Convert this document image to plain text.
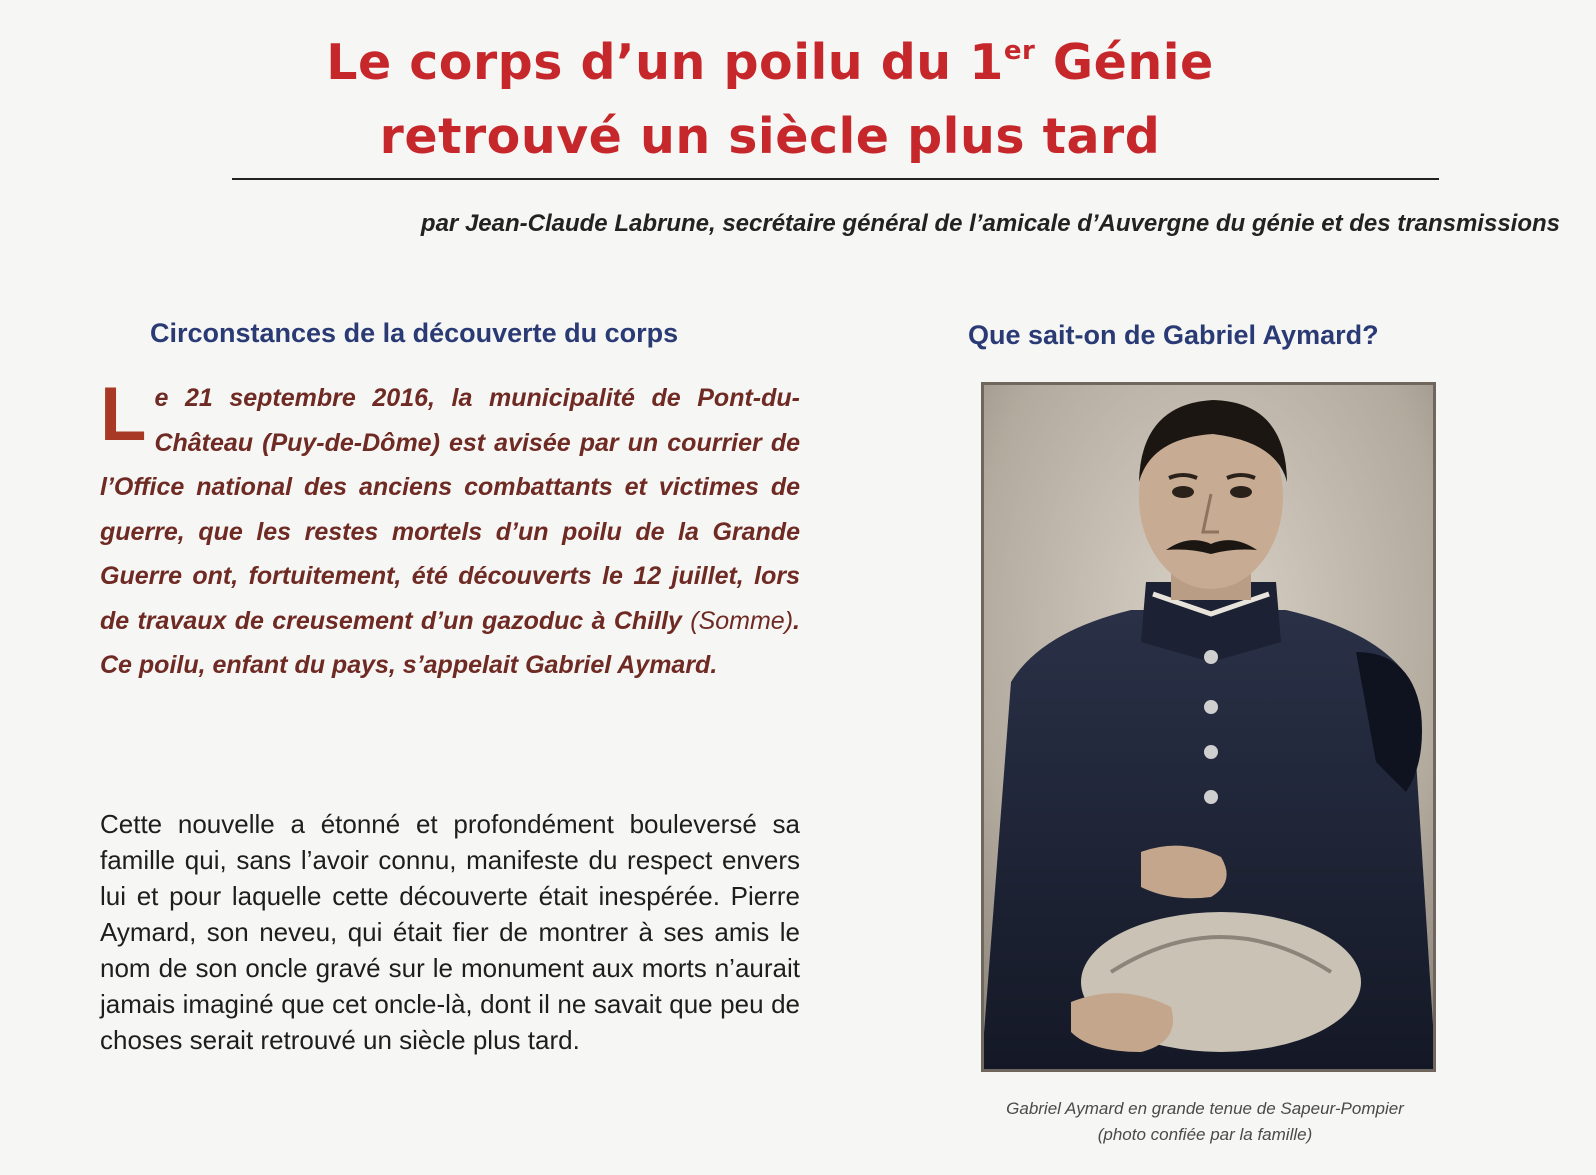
Le corps d’un poilu du 1er Génie
retrouvé un siècle plus tard

par Jean-Claude Labrune, secrétaire général de l’amicale d’Auvergne du génie et des transmissions

Circonstances de la découverte du corps

Le 21 septembre 2016, la municipalité de Pont-du-Château (Puy-de-Dôme) est avisée par un courrier de l’Office national des anciens combattants et victimes de guerre, que les restes mortels d’un poilu de la Grande Guerre ont, fortuitement, été découverts le 12 juillet, lors de travaux de creusement d’un gazoduc à Chilly (Somme). Ce poilu, enfant du pays, s’appelait Gabriel Aymard.

Cette nouvelle a étonné et profondément bouleversé sa famille qui, sans l’avoir connu, manifeste du respect envers lui et pour laquelle cette découverte était inespérée. Pierre Aymard, son neveu, qui était fier de montrer à ses amis le nom de son oncle gravé sur le monument aux morts n’aurait jamais imaginé que cet oncle-là, dont il ne savait que peu de choses serait retrouvé un siècle plus tard.

Que sait-on de Gabriel Aymard?

Gabriel Aymard en grande tenue de Sapeur-Pompier
(photo confiée par la famille)
